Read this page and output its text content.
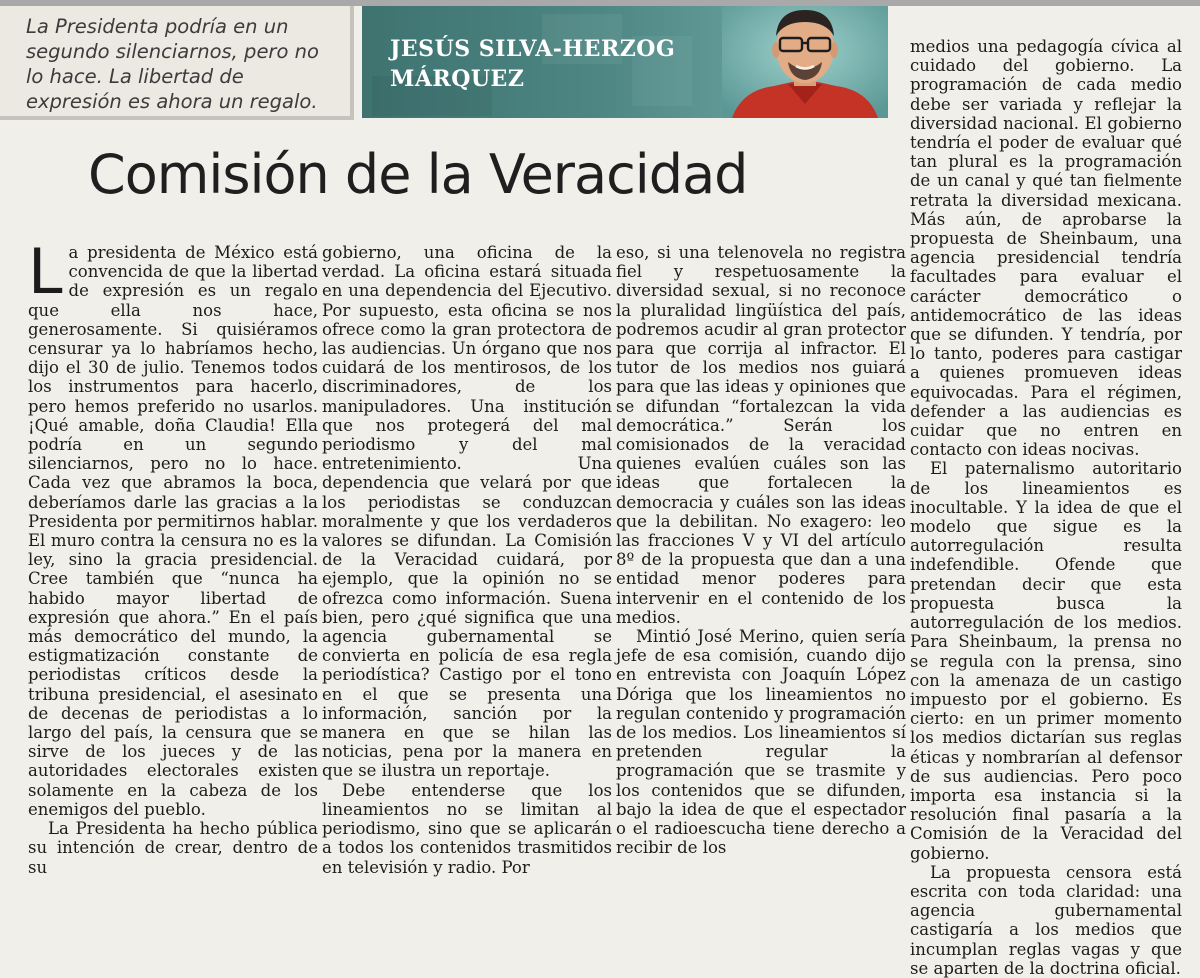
La Presidenta podría en un segundo silenciarnos, pero no lo hace. La libertad de expresión es ahora un regalo.

JESÚS SILVA-HERZOG
MÁRQUEZ
Comisión de la Veracidad

La presidenta de México está convencida de que la libertad de expresión es un regalo que ella nos hace, generosamente. Si quisiéramos censurar ya lo habríamos hecho, dijo el 30 de julio. Tenemos todos los instrumentos para hacerlo, pero hemos preferido no usarlos. ¡Qué amable, doña Claudia! Ella podría en un segundo silenciarnos, pero no lo hace. Cada vez que abramos la boca, deberíamos darle las gracias a la Presidenta por permitirnos hablar. El muro contra la censura no es la ley, sino la gracia presidencial. Cree también que “nunca ha habido mayor libertad de expresión que ahora.” En el país más democrático del mundo, la estigmatización constante de periodistas críticos desde la tribuna presidencial, el asesinato de decenas de periodistas a lo largo del país, la censura que se sirve de los jueces y de las autoridades electorales existen solamente en la cabeza de los enemigos del pueblo.

La Presidenta ha hecho pública su intención de crear, dentro de su

gobierno, una oficina de la verdad. La oficina estará situada en una dependencia del Ejecutivo. Por supuesto, esta oficina se nos ofrece como la gran protectora de las audiencias. Un órgano que nos cuidará de los mentirosos, de los discriminadores, de los manipuladores. Una institución que nos protegerá del mal periodismo y del mal entretenimiento. Una dependencia que velará por que los periodistas se conduzcan moralmente y que los verdaderos valores se difundan. La Comisión de la Veracidad cuidará, por ejemplo, que la opinión no se ofrezca como información. Suena bien, pero ¿qué significa que una agencia gubernamental se convierta en policía de esa regla periodística? Castigo por el tono en el que se presenta una información, sanción por la manera en que se hilan las noticias, pena por la manera en que se ilustra un reportaje.

Debe entenderse que los lineamientos no se limitan al periodismo, sino que se aplicarán a todos los contenidos trasmitidos en televisión y radio. Por

eso, si una telenovela no registra fiel y respetuosamente la diversidad sexual, si no reconoce la pluralidad lingüística del país, podremos acudir al gran protector para que corrija al infractor. El tutor de los medios nos guiará para que las ideas y opiniones que se difundan “fortalezcan la vida democrática.” Serán los comisionados de la veracidad quienes evalúen cuáles son las ideas que fortalecen la democracia y cuáles son las ideas que la debilitan. No exagero: leo las fracciones V y VI del artículo 8º de la propuesta que dan a una entidad menor poderes para intervenir en el contenido de los medios.

Mintió José Merino, quien sería jefe de esa comisión, cuando dijo en entrevista con Joaquín López Dóriga que los lineamientos no regulan contenido y programación de los medios. Los lineamientos sí pretenden regular la programación que se trasmite y los contenidos que se difunden, bajo la idea de que el espectador o el radioescucha tiene derecho a recibir de los

medios una pedagogía cívica al cuidado del gobierno. La programación de cada medio debe ser variada y reflejar la diversidad nacional. El gobierno tendría el poder de evaluar qué tan plural es la programación de un canal y qué tan fielmente retrata la diversidad mexicana. Más aún, de aprobarse la propuesta de Sheinbaum, una agencia presidencial tendría facultades para evaluar el carácter democrático o antidemocrático de las ideas que se difunden. Y tendría, por lo tanto, poderes para castigar a quienes promueven ideas equivocadas. Para el régimen, defender a las audiencias es cuidar que no entren en contacto con ideas nocivas.

El paternalismo autoritario de los lineamientos es inocultable. Y la idea de que el modelo que sigue es la autorregulación resulta indefendible. Ofende que pretendan decir que esta propuesta busca la autorregulación de los medios. Para Sheinbaum, la prensa no se regula con la prensa, sino con la amenaza de un castigo impuesto por el gobierno. Es cierto: en un primer momento los medios dictarían sus reglas éticas y nombrarían al defensor de sus audiencias. Pero poco importa esa instancia si la resolución final pasaría a la Comisión de la Veracidad del gobierno.

La propuesta censora está escrita con toda claridad: una agencia gubernamental castigaría a los medios que incumplan reglas vagas y que se aparten de la doctrina oficial.
